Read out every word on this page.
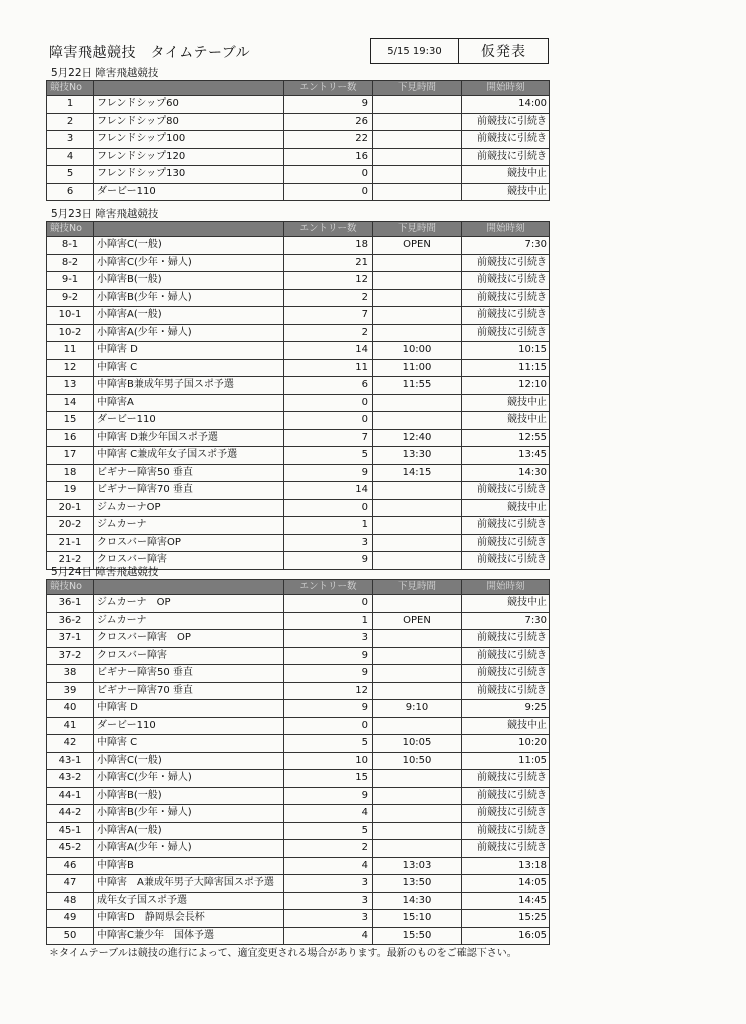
障害飛越競技　タイムテーブル	5/15 19:30	仮発表
5月22日 障害飛越競技
競技No		エントリー数	下見時間	開始時刻
1	フレンドシップ60	9		14:00
2	フレンドシップ80	26		前競技に引続き
3	フレンドシップ100	22		前競技に引続き
4	フレンドシップ120	16		前競技に引続き
5	フレンドシップ130	0		競技中止
6	ダービー110	0		競技中止
5月23日 障害飛越競技
競技No		エントリー数	下見時間	開始時刻
8-1	小障害C(一般)	18	OPEN	7:30
8-2	小障害C(少年・婦人)	21		前競技に引続き
9-1	小障害B(一般)	12		前競技に引続き
9-2	小障害B(少年・婦人)	2		前競技に引続き
10-1	小障害A(一般)	7		前競技に引続き
10-2	小障害A(少年・婦人)	2		前競技に引続き
11	中障害 D	14	10:00	10:15
12	中障害 C	11	11:00	11:15
13	中障害B兼成年男子国スポ予選	6	11:55	12:10
14	中障害A	0		競技中止
15	ダービー110	0		競技中止
16	中障害 D兼少年国スポ予選	7	12:40	12:55
17	中障害 C兼成年女子国スポ予選	5	13:30	13:45
18	ビギナー障害50 垂直	9	14:15	14:30
19	ビギナー障害70 垂直	14		前競技に引続き
20-1	ジムカーナOP	0		競技中止
20-2	ジムカーナ	1		前競技に引続き
21-1	クロスバー障害OP	3		前競技に引続き
21-2	クロスバー障害	9		前競技に引続き
5月24日 障害飛越競技
競技No		エントリー数	下見時間	開始時刻
36-1	ジムカーナ　OP	0		競技中止
36-2	ジムカーナ	1	OPEN	7:30
37-1	クロスバー障害　OP	3		前競技に引続き
37-2	クロスバー障害	9		前競技に引続き
38	ビギナー障害50 垂直	9		前競技に引続き
39	ビギナー障害70 垂直	12		前競技に引続き
40	中障害 D	9	9:10	9:25
41	ダービー110	0		競技中止
42	中障害 C	5	10:05	10:20
43-1	小障害C(一般)	10	10:50	11:05
43-2	小障害C(少年・婦人)	15		前競技に引続き
44-1	小障害B(一般)	9		前競技に引続き
44-2	小障害B(少年・婦人)	4		前競技に引続き
45-1	小障害A(一般)	5		前競技に引続き
45-2	小障害A(少年・婦人)	2		前競技に引続き
46	中障害B	4	13:03	13:18
47	中障害　A兼成年男子大障害国スポ予選	3	13:50	14:05
48	成年女子国スポ予選	3	14:30	14:45
49	中障害D　静岡県会長杯	3	15:10	15:25
50	中障害C兼少年　国体予選	4	15:50	16:05
＊タイムテーブルは競技の進行によって、適宜変更される場合があります。最新のものをご確認下さい。
